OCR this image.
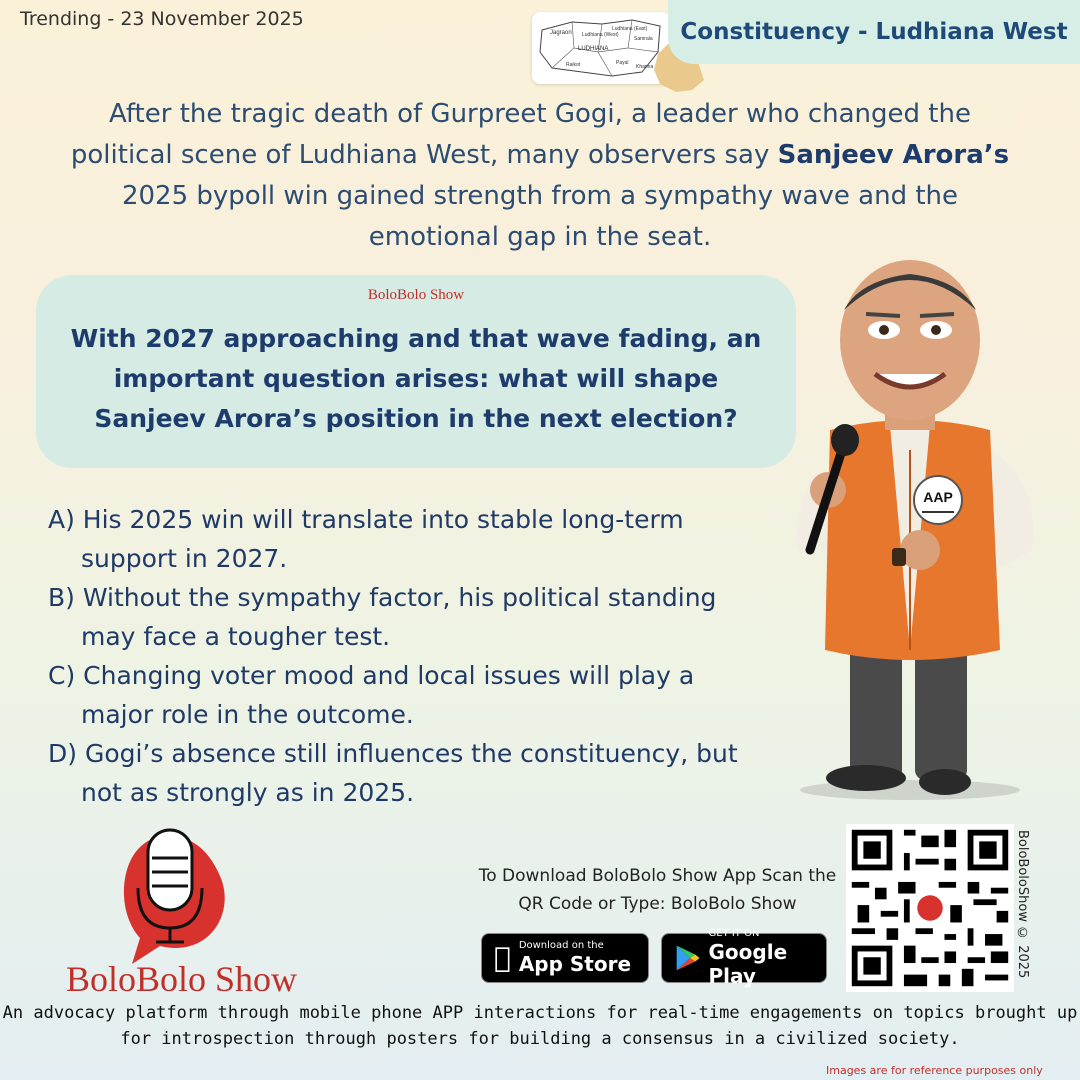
Trending - 23 November 2025
Jagraon Ludhiana (West)
Ludhiana (East)
Samrala
LUDHIANA
Raikot	Payal
Khanna
Constituency - Ludhiana West
After the tragic death of Gurpreet Gogi, a leader who changed the political scene of Ludhiana West, many observers say Sanjeev Arora’s 2025 bypoll win gained strength from a sympathy wave and the emotional gap in the seat.
BoloBolo Show
With 2027 approaching and that wave fading, an important question arises: what will shape Sanjeev Arora’s position in the next election?
A) His 2025 win will translate into stable long-term support in 2027.
B) Without the sympathy factor, his political standing may face a tougher test.
C) Changing voter mood and local issues will play a major role in the outcome.
D) Gogi’s absence still influences the constituency, but not as strongly as in 2025.
AAP
BoloBolo Show
To Download BoloBolo Show App Scan the QR Code or Type: BoloBolo Show
Download on the
App Store
GET IT ON
Google Play	BoloBoloShow © 2025
An advocacy platform through mobile phone APP interactions for real-time engagements on topics brought up for introspection through posters for building a consensus in a civilized society.
Images are for reference purposes only
